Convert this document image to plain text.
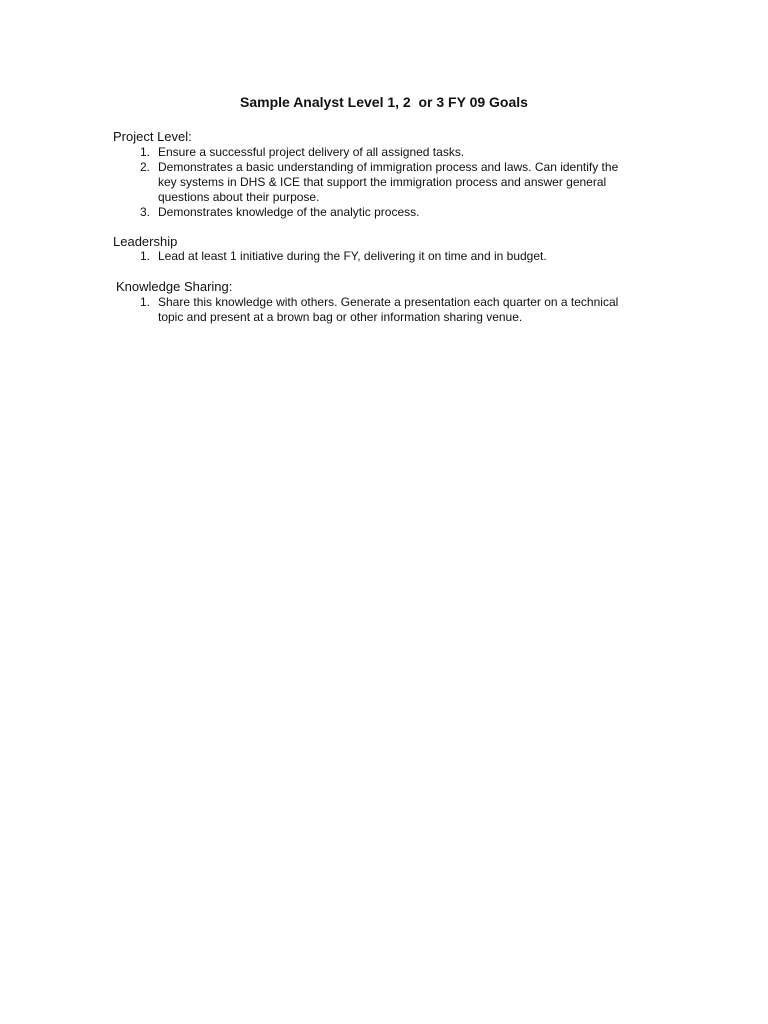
Sample Analyst Level 1, 2  or 3 FY 09 Goals
Project Level:
1. Ensure a successful project delivery of all assigned tasks.
2. Demonstrates a basic understanding of immigration process and laws. Can identify the
key systems in DHS & ICE that support the immigration process and answer general
questions about their purpose.
3. Demonstrates knowledge of the analytic process.
Leadership
1. Lead at least 1 initiative during the FY, delivering it on time and in budget.
Knowledge Sharing:
1. Share this knowledge with others. Generate a presentation each quarter on a technical
topic and present at a brown bag or other information sharing venue.
